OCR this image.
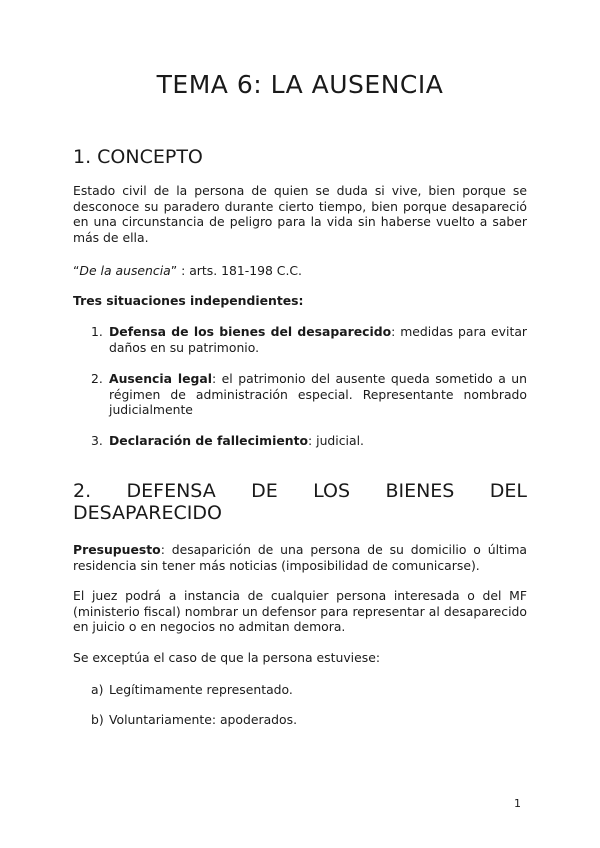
TEMA 6: LA AUSENCIA
1. CONCEPTO

Estado civil de la persona de quien se duda si vive, bien porque se desconoce su paradero durante cierto tiempo, bien porque desapareció en una circunstancia de peligro para la vida sin haberse vuelto a saber más de ella.

“De la ausencia” : arts. 181-198 C.C.

Tres situaciones independientes:

1. Defensa de los bienes del desaparecido: medidas para evitar daños en su patrimonio.
2. Ausencia legal: el patrimonio del ausente queda sometido a un régimen de administración especial. Representante nombrado judicialmente
3. Declaración de fallecimiento: judicial.
2. DEFENSA DE LOS BIENES DEL
DESAPARECIDO

Presupuesto: desaparición de una persona de su domicilio o última residencia sin tener más noticias (imposibilidad de comunicarse).

El juez podrá a instancia de cualquier persona interesada o del MF (ministerio fiscal) nombrar un defensor para representar al desaparecido en juicio o en negocios no admitan demora.

Se exceptúa el caso de que la persona estuviese:

a) Legítimamente representado.
b) Voluntariamente: apoderados.
1
